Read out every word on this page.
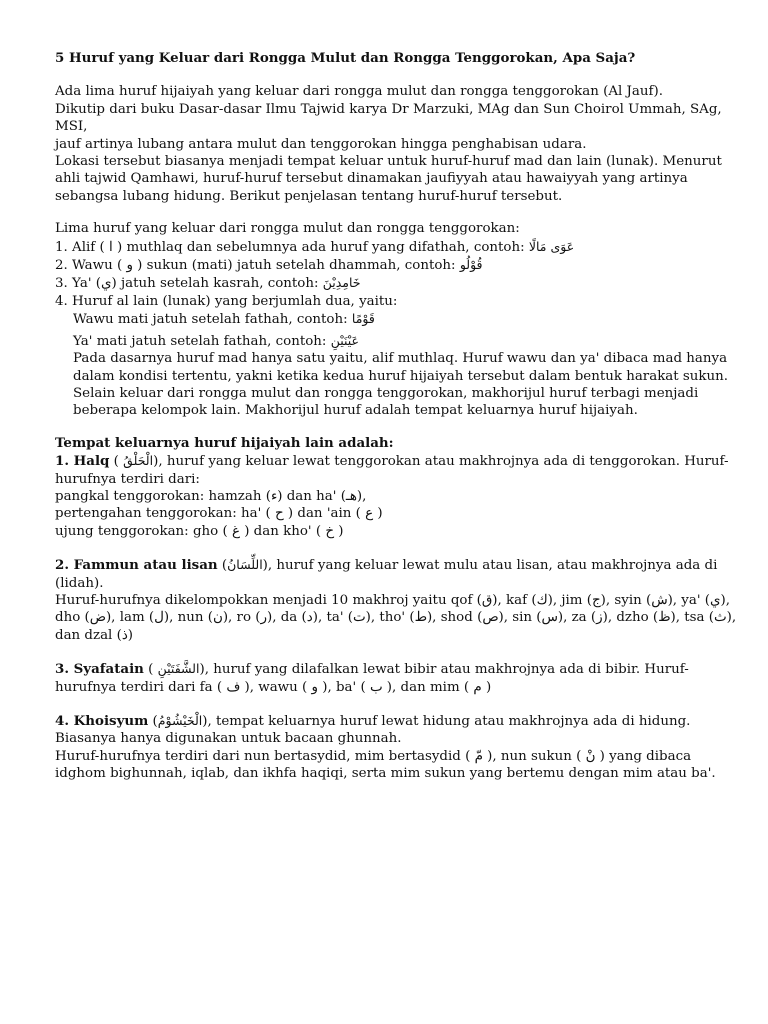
5 Huruf yang Keluar dari Rongga Mulut dan Rongga Tenggorokan, Apa Saja?

Ada lima huruf hijaiyah yang keluar dari rongga mulut dan rongga tenggorokan (Al Jauf).

Dikutip dari buku Dasar-dasar Ilmu Tajwid karya Dr Marzuki, MAg dan Sun Choirol Ummah, SAg, MSI,

jauf artinya lubang antara mulut dan tenggorokan hingga penghabisan udara.

Lokasi tersebut biasanya menjadi tempat keluar untuk huruf-huruf mad dan lain (lunak). Menurut ahli tajwid Qamhawi, huruf-huruf tersebut dinamakan jaufiyyah atau hawaiyyah yang artinya sebangsa lubang hidung. Berikut penjelasan tentang huruf-huruf tersebut.

Lima huruf yang keluar dari rongga mulut dan rongga tenggorokan:

1. Alif ( ا ) muthlaq dan sebelumnya ada huruf yang difathah, contoh: عَوَى مَالًا

2. Wawu ( و ) sukun (mati) jatuh setelah dhammah, contoh: قُوْلُو

3. Ya' (ي) jatuh setelah kasrah, contoh: خَامِدِيْنَ

4. Huruf al lain (lunak) yang berjumlah dua, yaitu:

Wawu mati jatuh setelah fathah, contoh: قَوْمًا

Ya' mati jatuh setelah fathah, contoh: عَيْنَيْنِ

Pada dasarnya huruf mad hanya satu yaitu, alif muthlaq. Huruf wawu dan ya' dibaca mad hanya dalam kondisi tertentu, yakni ketika kedua huruf hijaiyah tersebut dalam bentuk harakat sukun. Selain keluar dari rongga mulut dan rongga tenggorokan, makhorijul huruf terbagi menjadi beberapa kelompok lain. Makhorijul huruf adalah tempat keluarnya huruf hijaiyah.

Tempat keluarnya huruf hijaiyah lain adalah:

1. Halq ( الْحَلْقُ), huruf yang keluar lewat tenggorokan atau makhrojnya ada di tenggorokan. Huruf-hurufnya terdiri dari:

pangkal tenggorokan: hamzah (ء) dan ha' (هـ),

pertengahan tenggorokan: ha' ( ح ) dan 'ain ( ع )

ujung tenggorokan: gho ( غ ) dan kho' ( خ )

2. Fammun atau lisan (اللِّسَانُ), huruf yang keluar lewat mulu atau lisan, atau makhrojnya ada di (lidah).

Huruf-hurufnya dikelompokkan menjadi 10 makhroj yaitu qof (ق), kaf (ك), jim (ج), syin (ش), ya' (ي), dho (ض), lam (ل), nun (ن), ro (ر), da (د), ta' (ت), tho' (ط), shod (ص), sin (س), za (ز), dzho (ظ), tsa (ث), dan dzal (ذ)

3. Syafatain ( الشَّفَتَيْنِ), huruf yang dilafalkan lewat bibir atau makhrojnya ada di bibir. Huruf-hurufnya terdiri dari fa ( ف ), wawu ( و ), ba' ( ب ), dan mim ( م )

4. Khoisyum (الْخَيْشُوْمُ), tempat keluarnya huruf lewat hidung atau makhrojnya ada di hidung.

Biasanya hanya digunakan untuk bacaan ghunnah.

Huruf-hurufnya terdiri dari nun bertasydid, mim bertasydid ( مّ ), nun sukun ( نْ ) yang dibaca idghom bighunnah, iqlab, dan ikhfa haqiqi, serta mim sukun yang bertemu dengan mim atau ba'.
